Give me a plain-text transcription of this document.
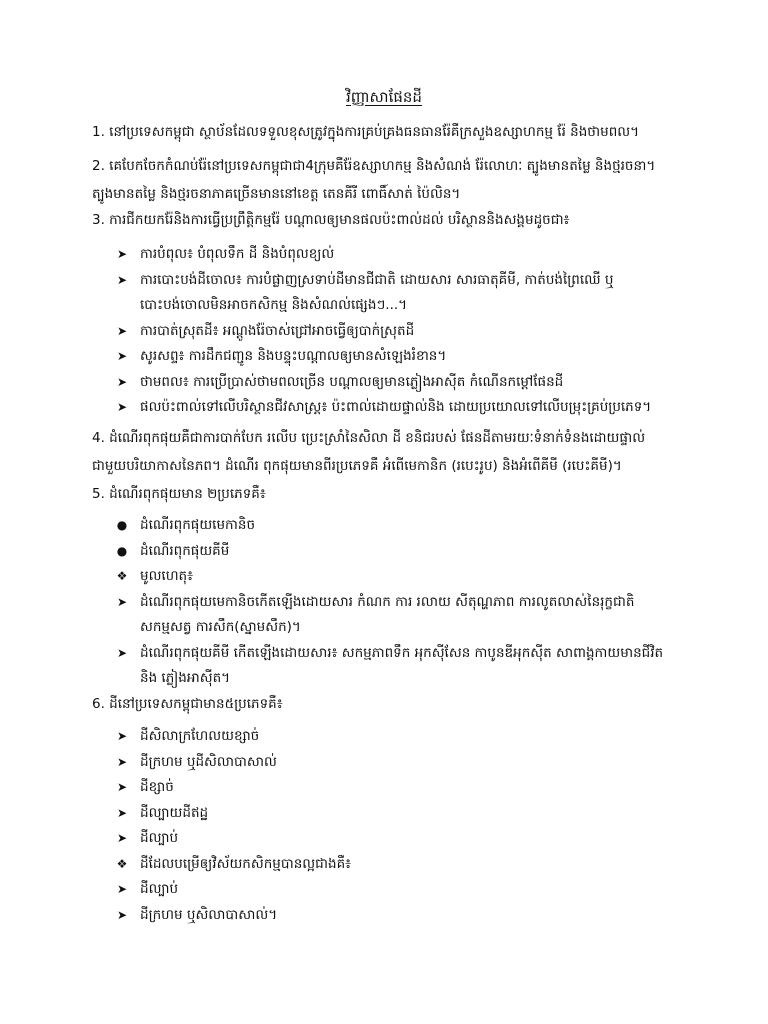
វិញ្ញាសាផែនដី

1. នៅប្រទេសកម្ពុជា ស្ថាប័នដែលទទួលខុសត្រូវក្នុងការគ្រប់គ្រងធនធានរ៉ែគឺក្រសួងឧស្សាហកម្ម រ៉ែ និងថាមពល។

2. គេបែកចែកកំណប់រ៉ែនៅប្រទេសកម្ពុជាជា4ក្រុមគឺរ៉ែឧស្សាហកម្ម និងសំណង់ រ៉ែលោហៈ ត្បូងមានតម្លៃ និងថ្មរចនា។
ត្បូងមានតម្លៃ និងថ្មរចនាភាគច្រើនមាននៅខេត្ត តេនគីរី ពោធិ៍សាត់ ប៉ៃលិន។

3. ការជីកយករ៉ែនិងការធ្វើប្រព្រឹត្តិកម្មរ៉ែ បណ្តាលឲ្យមានផលប៉ះពាល់ដល់ បរិស្ថាននិងសង្គមដូចជា៖

➤ ការបំពុល៖ បំពុលទឹក ដី និងបំពុលខ្យល់
➤ ការបោះបង់ដីចោល៖ ការបំផ្លាញស្រទាប់ដីមានជីជាតិ ដោយសារ សារធាតុគីមី, កាត់បង់ព្រៃឈើ ឬ
បោះបង់ចោលមិនអាចកសិកម្ម និងសំណល់ផ្សេងៗ...។
➤ ការបាត់ស្រុតដី៖ អណ្តូងរ៉ែចាស់ជ្រៅអាចធ្វើឲ្យបាក់ស្រុតដី
➤ សូរសព្ទ៖ ការដឹកជញ្ជូន និងបន្ទុះបណ្តាលឲ្យមានសំឡេងរំខាន។
➤ ថាមពល៖ ការប្រើប្រាស់ថាមពលច្រើន បណ្តាលឲ្យមានភ្លៀងអាស៊ីត កំណើនកម្ដៅផែនដី
➤ ផលប៉ះពាល់ទៅលើបរិស្ថានជីវសាស្ត្រ៖ ប៉ះពាល់ដោយផ្ទាល់និង ដោយប្រយោលទៅលើបម្រុះគ្រប់ប្រភេទ។

4. ដំណើរពុកផុយគឺជាការបាក់បែក រលើប ប្រេះស្រាំនៃសិលា ដី ខនិជរបស់ ផែនដីតាមរយៈទំនាក់ទំនងដោយផ្ទាល់
ជាមួយបរិយាកាសនៃភព។ ដំណើរ ពុកផុយមានពីរប្រភេទគឺ អំពើមេកានិក (របេះរូប) និងអំពើគីមី (របេះគីមី)។

5. ដំណើរពុកផុយមាន ២ប្រភេទគឺ៖

● ដំណើរពុកផុយមេកានិច
● ដំណើរពុកផុយគីមី
❖ មូលហេតុ៖
➤ ដំណើរពុកផុយមេកានិចកើតឡើងដោយសារ កំណក ការ រលាយ សីតុណ្ហភាព ការលូតលាស់នៃរុក្ខជាតិ
សកម្មសត្វ ការសឹក(ស្នាមសឹក)។
➤ ដំណើរពុកផុយគីមី កើតឡើងដោយសារ៖ សកម្មភាពទឹក អុកស៊ីសែន កាបូនឌីអុកស៊ីត សាពាង្គកាយមានជីវិត
និង ភ្លៀងអាស៊ីត។

6. ដីនៅប្រទេសកម្ពុជាមាន៥ប្រភេទគឺ៖

➤ ដីសិលាក្រហែលយខ្សាច់
➤ ដីក្រហម ឬដីសិលាបាសាល់
➤ ដីខ្សាច់
➤ ដីល្បាយដីឥដ្ឋ
➤ ដីល្បាប់
❖ ដីដែលបម្រើឲ្យវិស័យកសិកម្មបានល្អជាងគឺ៖
➤ ដីល្បាប់
➤ ដីក្រហម ឬសិលាបាសាល់។
